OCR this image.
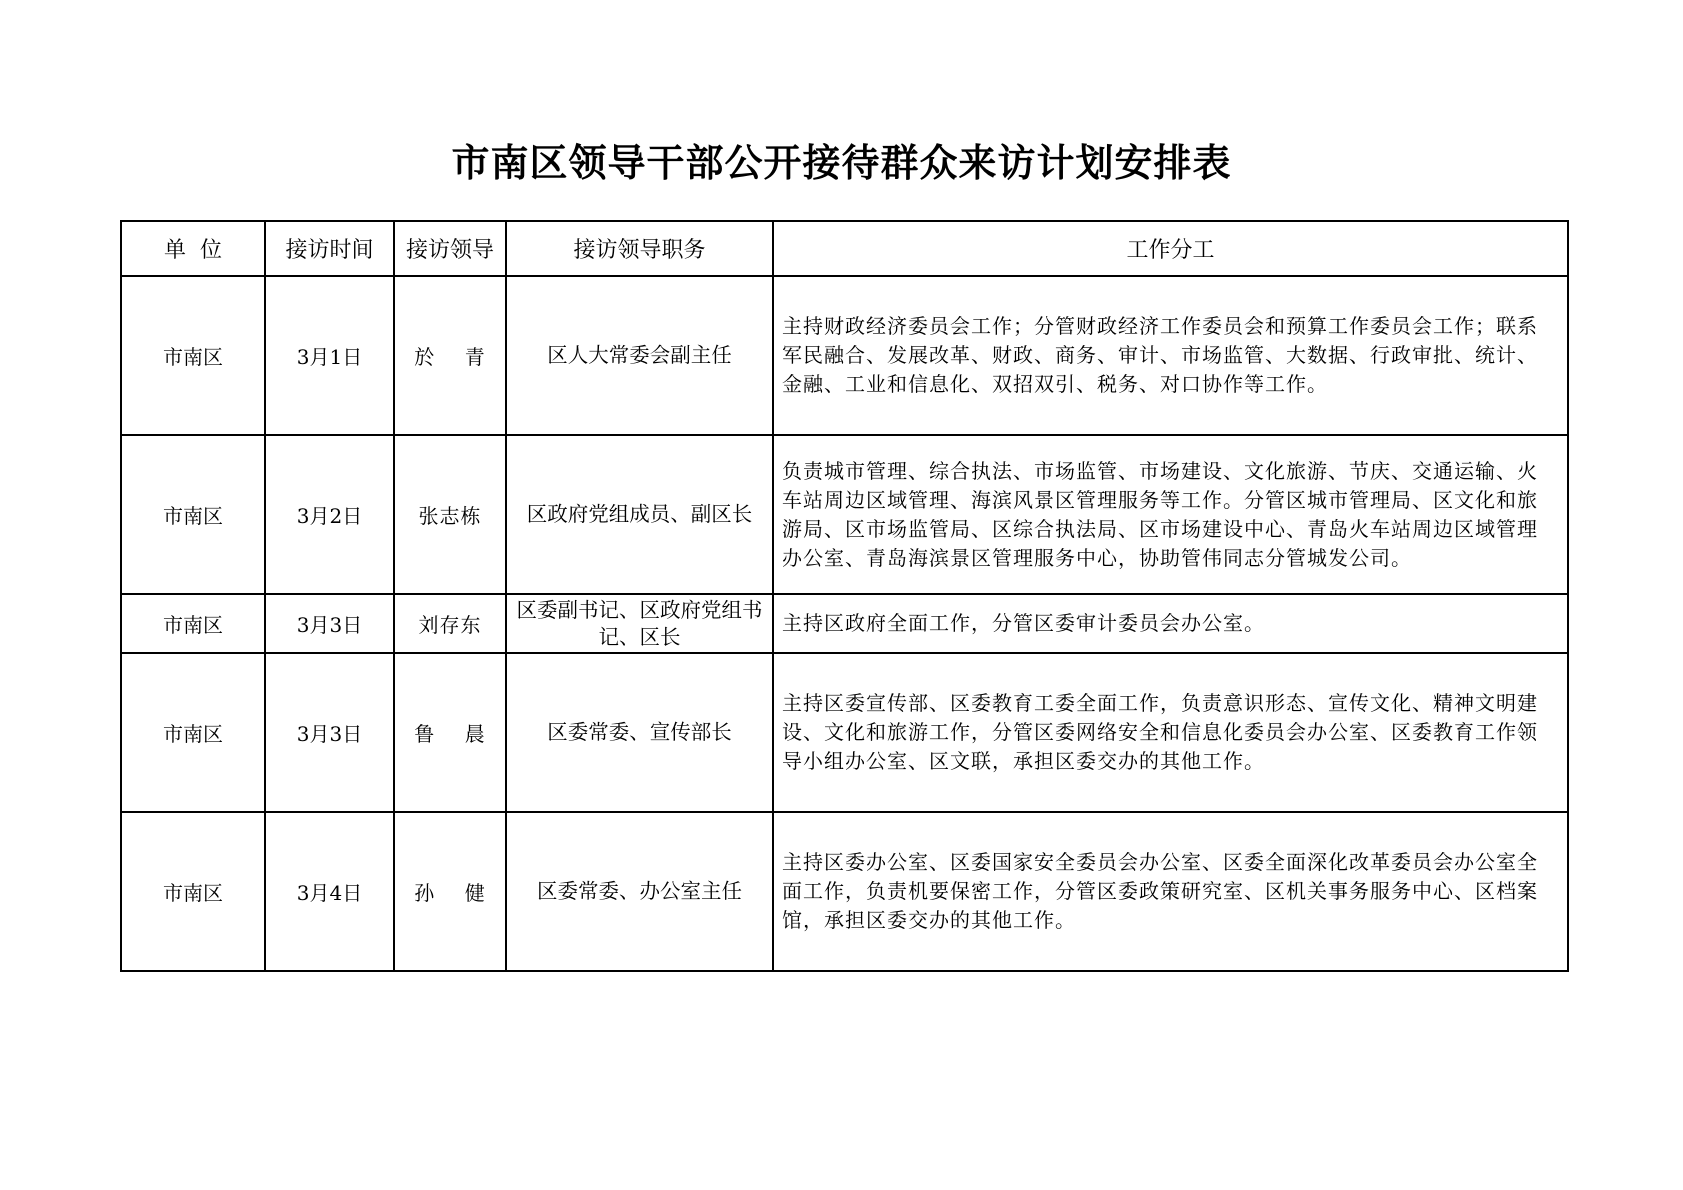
市南区领导干部公开接待群众来访计划安排表
单  位	接访时间	接访领导	接访领导职务	工作分工
市南区	3月1日	於    青	区人大常委会副主任	主持财政经济委员会工作；分管财政经济工作委员会和预算工作委员会工作；联系军民融合、发展改革、财政、商务、审计、市场监管、大数据、行政审批、统计、金融、工业和信息化、双招双引、税务、对口协作等工作。
市南区	3月2日	张志栋	区政府党组成员、副区长	负责城市管理、综合执法、市场监管、市场建设、文化旅游、节庆、交通运输、火车站周边区域管理、海滨风景区管理服务等工作。分管区城市管理局、区文化和旅游局、区市场监管局、区综合执法局、区市场建设中心、青岛火车站周边区域管理办公室、青岛海滨景区管理服务中心，协助管伟同志分管城发公司。
市南区	3月3日	刘存东	区委副书记、区政府党组书记、区长	主持区政府全面工作，分管区委审计委员会办公室。
市南区	3月3日	鲁    晨	区委常委、宣传部长	主持区委宣传部、区委教育工委全面工作，负责意识形态、宣传文化、精神文明建设、文化和旅游工作，分管区委网络安全和信息化委员会办公室、区委教育工作领导小组办公室、区文联，承担区委交办的其他工作。
市南区	3月4日	孙    健	区委常委、办公室主任	主持区委办公室、区委国家安全委员会办公室、区委全面深化改革委员会办公室全面工作，负责机要保密工作，分管区委政策研究室、区机关事务服务中心、区档案馆，承担区委交办的其他工作。
